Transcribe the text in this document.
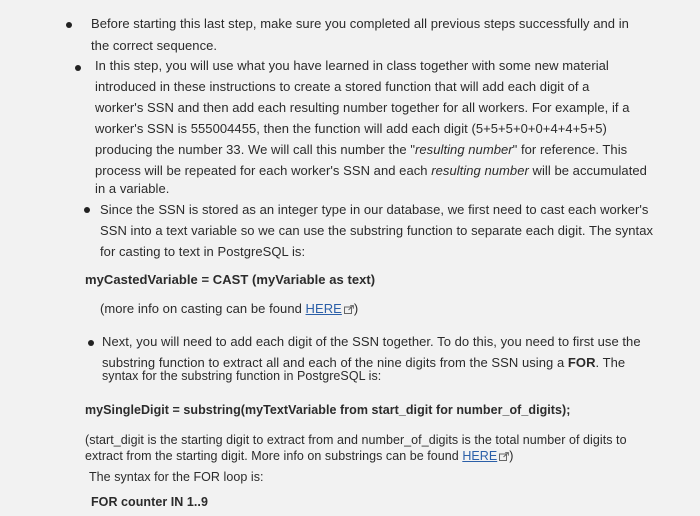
Before starting this last step, make sure you completed all previous steps successfully and in
the correct sequence.
In this step, you will use what you have learned in class together with some new material
introduced in these instructions to create a stored function that will add each digit of a
worker's SSN and then add each resulting number together for all workers. For example, if a
worker's SSN is 555004455, then the function will add each digit (5+5+5+0+0+4+4+5+5)
producing the number 33. We will call this number the "resulting number" for reference. This
process will be repeated for each worker's SSN and each resulting number will be accumulated
in a variable.
Since the SSN is stored as an integer type in our database, we first need to cast each worker's
SSN into a text variable so we can use the substring function to separate each digit. The syntax
for casting to text in PostgreSQL is:
myCastedVariable = CAST (myVariable as text)
(more info on casting can be found HERE )
Next, you will need to add each digit of the SSN together. To do this, you need to first use the
substring function to extract all and each of the nine digits from the SSN using a FOR. The
syntax for the substring function in PostgreSQL is:
mySingleDigit = substring(myTextVariable from start_digit for number_of_digits);
(start_digit is the starting digit to extract from and number_of_digits is the total number of digits to
extract from the starting digit. More info on substrings can be found HERE )
The syntax for the FOR loop is:
FOR counter IN 1..9
